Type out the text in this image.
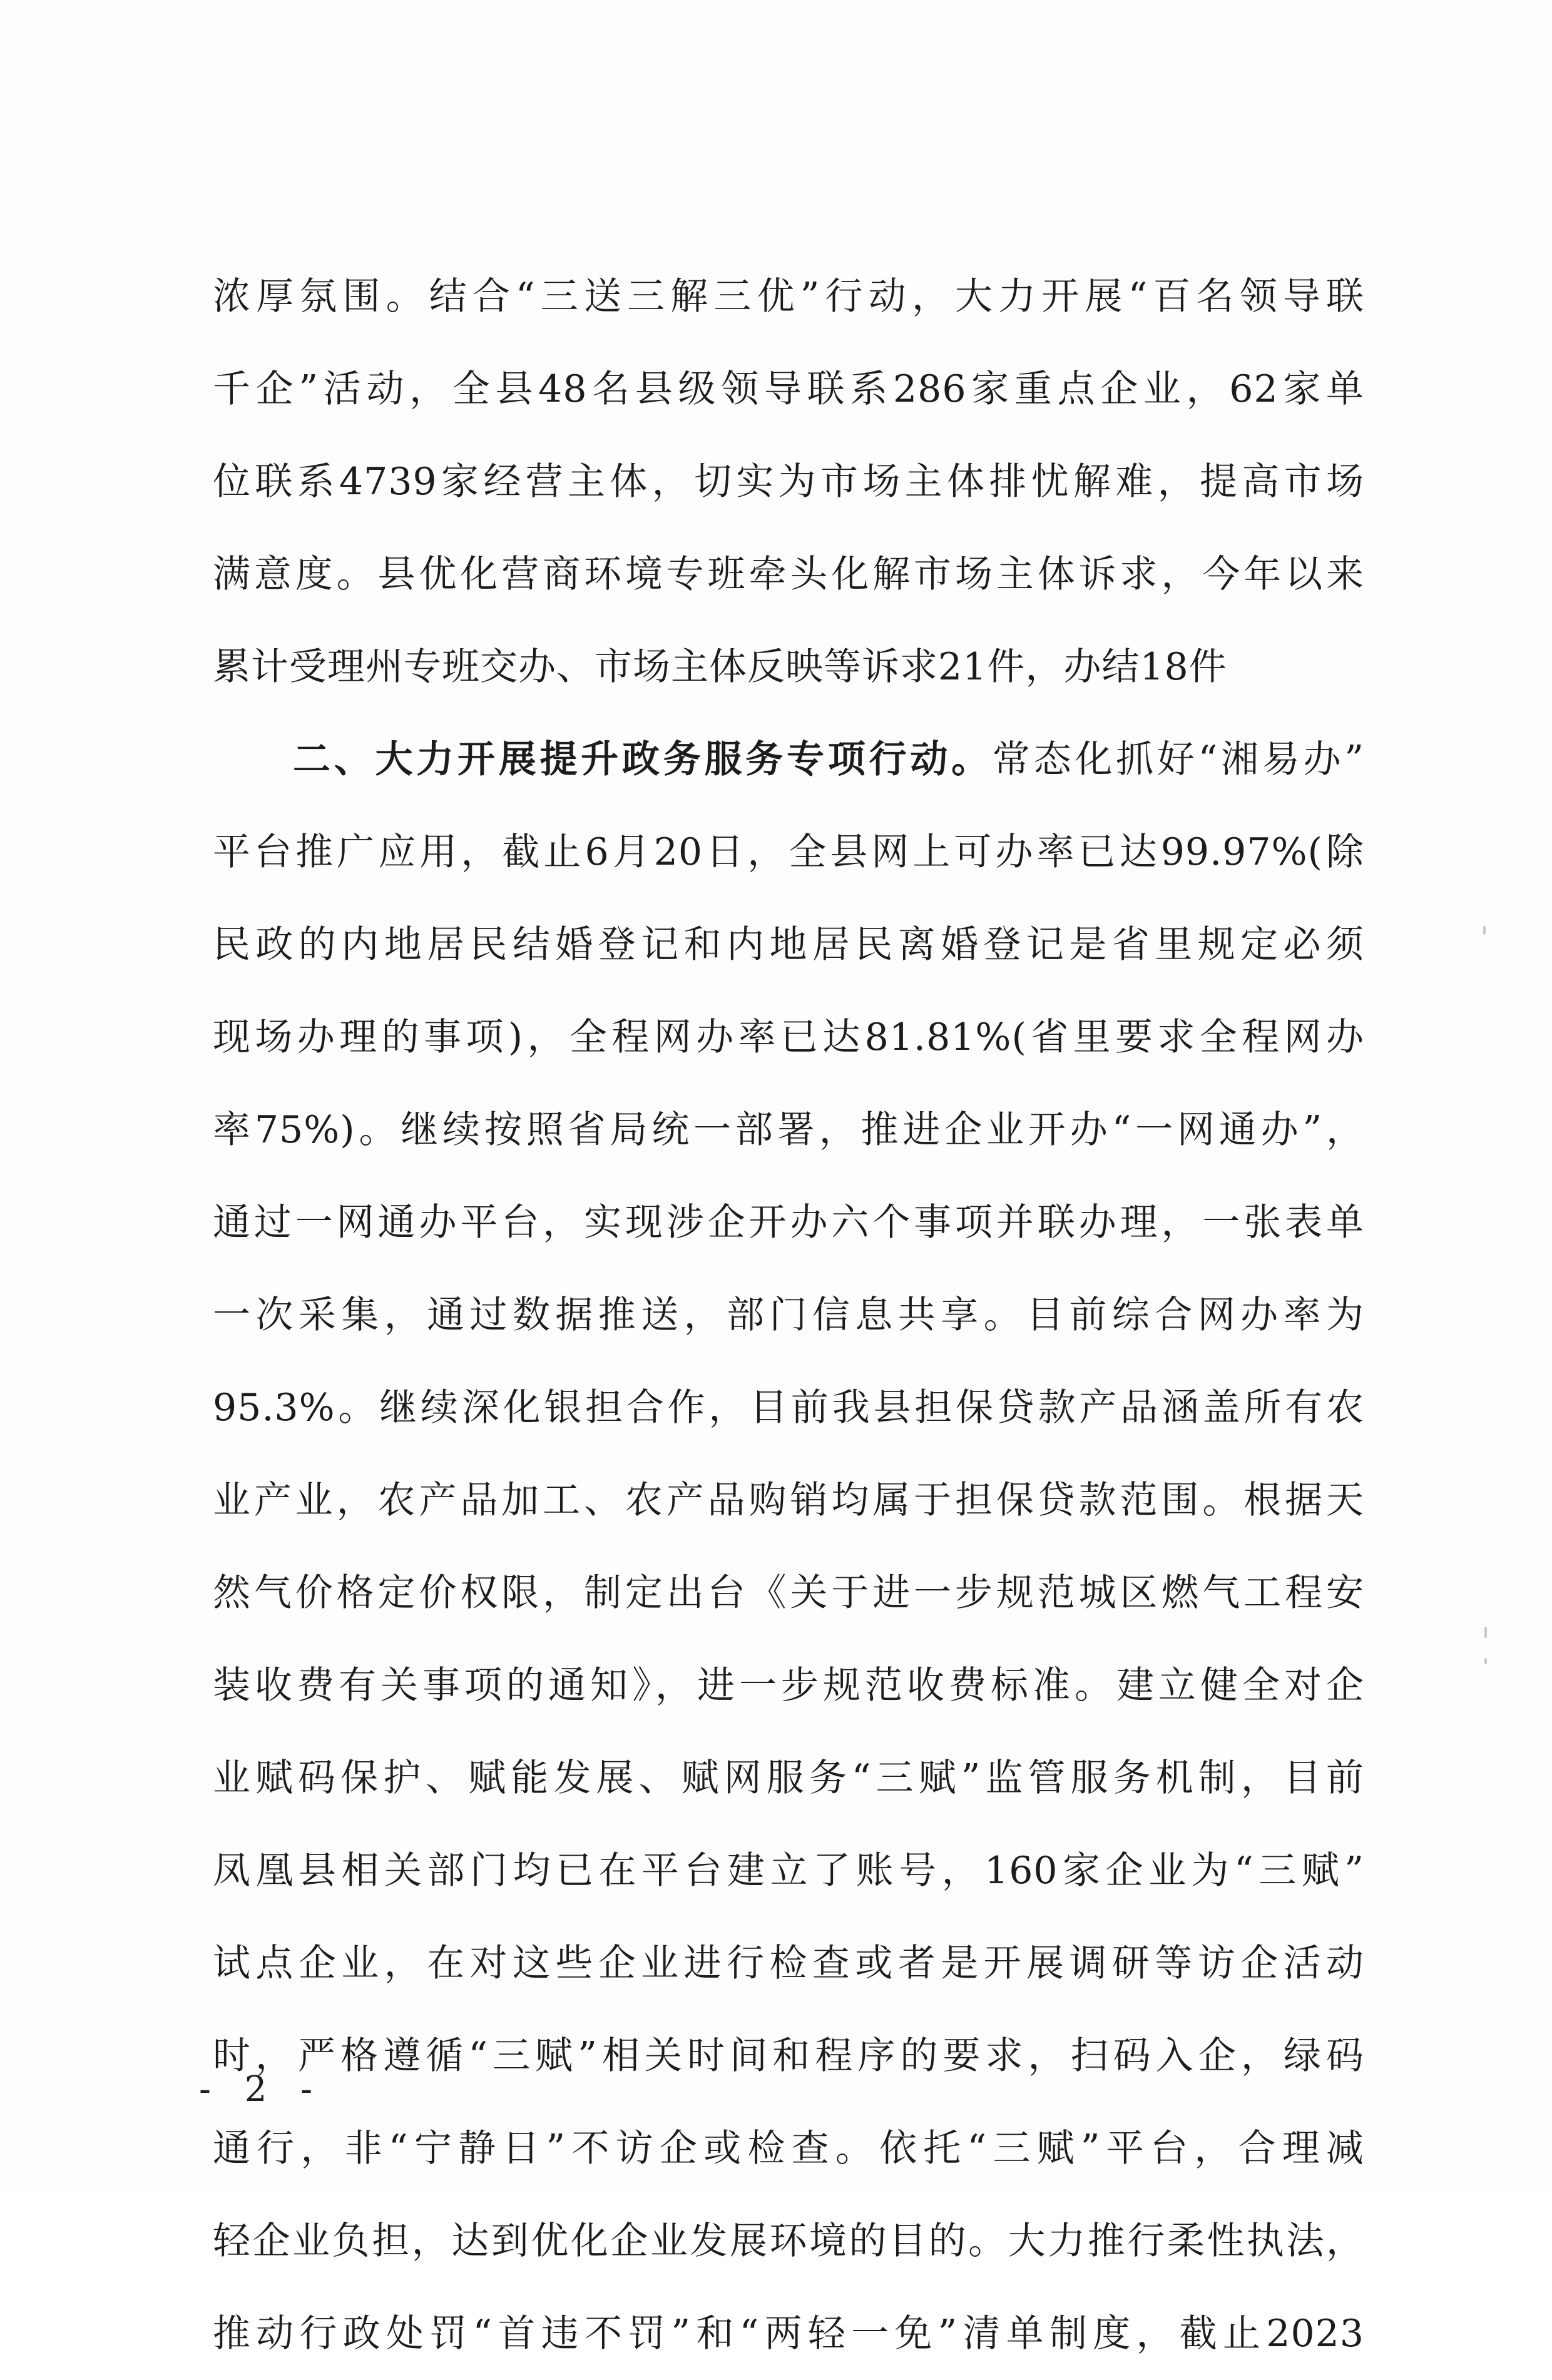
浓厚氛围。结合“三送三解三优”行动，大力开展“百名领导联
千企”活动，全县48名县级领导联系286家重点企业，62家单
位联系4739家经营主体，切实为市场主体排忧解难，提高市场
满意度。县优化营商环境专班牵头化解市场主体诉求，今年以来
累计受理州专班交办、市场主体反映等诉求21件，办结18件
二、大力开展提升政务服务专项行动。常态化抓好“湘易办”
平台推广应用，截止6月20日，全县网上可办率已达99.97%(除
民政的内地居民结婚登记和内地居民离婚登记是省里规定必须
现场办理的事项)，全程网办率已达81.81%(省里要求全程网办
率75%)。继续按照省局统一部署，推进企业开办“一网通办”，
通过一网通办平台，实现涉企开办六个事项并联办理，一张表单
一次采集，通过数据推送，部门信息共享。目前综合网办率为
95.3%。继续深化银担合作，目前我县担保贷款产品涵盖所有农
业产业，农产品加工、农产品购销均属于担保贷款范围。根据天
然气价格定价权限，制定出台《关于进一步规范城区燃气工程安
装收费有关事项的通知》，进一步规范收费标准。建立健全对企
业赋码保护、赋能发展、赋网服务“三赋”监管服务机制，目前
凤凰县相关部门均已在平台建立了账号，160家企业为“三赋”
试点企业，在对这些企业进行检查或者是开展调研等访企活动
时，严格遵循“三赋”相关时间和程序的要求，扫码入企，绿码
通行，非“宁静日”不访企或检查。依托“三赋”平台，合理减
轻企业负担，达到优化企业发展环境的目的。大力推行柔性执法，
推动行政处罚“首违不罚”和“两轻一免”清单制度，截止2023
- 2 -
